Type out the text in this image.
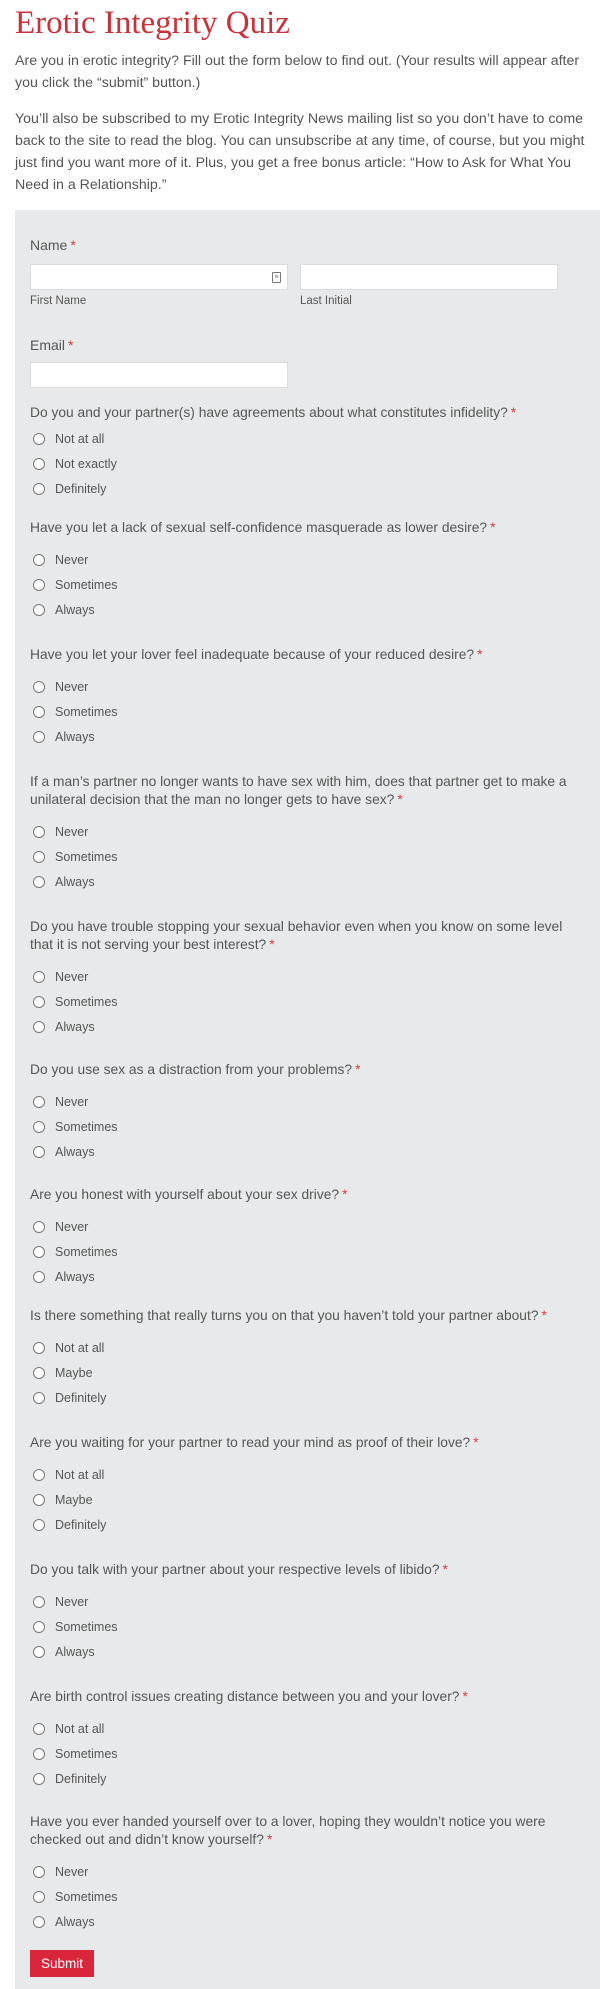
Erotic Integrity Quiz

Are you in erotic integrity? Fill out the form below to find out. (Your results will appear after you click the “submit” button.)

You’ll also be subscribed to my Erotic Integrity News mailing list so you don’t have to come back to the site to read the blog. You can unsubscribe at any time, of course, but you might just find you want more of it. Plus, you get a free bonus article: “How to Ask for What You Need in a Relationship.”

Name *
≡
First Name	Last Initial
Email *
Do you and your partner(s) have agreements about what constitutes infidelity? *
Not at all
Not exactly
Definitely
Have you let a lack of sexual self-confidence masquerade as lower desire? *
Never
Sometimes
Always
Have you let your lover feel inadequate because of your reduced desire? *
Never
Sometimes
Always
If a man’s partner no longer wants to have sex with him, does that partner get to make a unilateral decision that the man no longer gets to have sex? *
Never
Sometimes
Always
Do you have trouble stopping your sexual behavior even when you know on some level that it is not serving your best interest? *
Never
Sometimes
Always
Do you use sex as a distraction from your problems? *
Never
Sometimes
Always
Are you honest with yourself about your sex drive? *
Never
Sometimes
Always
Is there something that really turns you on that you haven’t told your partner about? *
Not at all
Maybe
Definitely
Are you waiting for your partner to read your mind as proof of their love? *
Not at all
Maybe
Definitely
Do you talk with your partner about your respective levels of libido? *
Never
Sometimes
Always
Are birth control issues creating distance between you and your lover? *
Not at all
Sometimes
Definitely
Have you ever handed yourself over to a lover, hoping they wouldn’t notice you were checked out and didn’t know yourself? *
Never
Sometimes
Always
Submit
